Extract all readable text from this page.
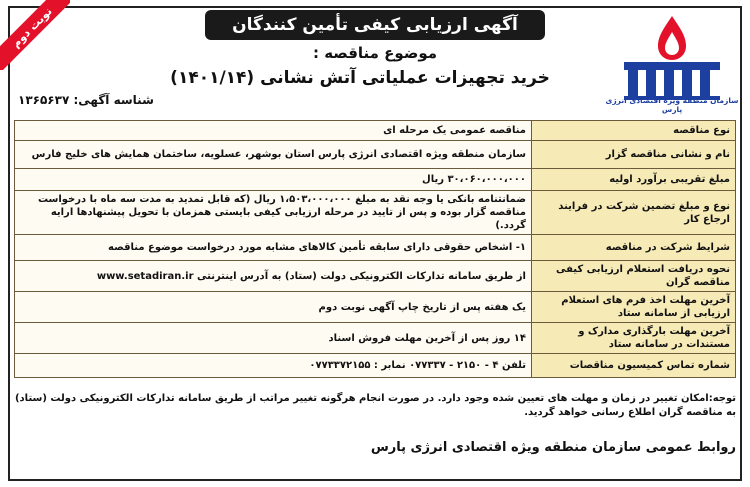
نوبت دوم	آگهی ارزیابی کیفی تأمین کنندگان
سازمان منطقه ویژه اقتصادی انرژی پارس
موضوع مناقصه :
خرید تجهیزات عملیاتی آتش نشانی (۱۴۰۱/۱۴)
شناسه آگهی: ۱۳۶۵۶۳۷
نوع مناقصه	مناقصه عمومی یک مرحله ای
نام و نشانی مناقصه گزار	سازمان منطقه ویژه اقتصادی انرژی پارس استان بوشهر، عسلویه، ساختمان همایش های خلیج فارس
مبلغ تقریبی برآورد اولیه	۳۰،۰۶۰،۰۰۰،۰۰۰ ریال
نوع و مبلغ تضمین شرکت در فرایند ارجاع کار	ضمانتنامه بانکی یا وجه نقد به مبلغ ۱،۵۰۳،۰۰۰،۰۰۰ ریال (که قابل تمدید به مدت سه ماه با درخواست مناقصه گزار بوده و پس از تایید در مرحله ارزیابی کیفی بایستی همزمان با تحویل پیشنهادها ارایه گردد.)
شرایط شرکت در مناقصه	۱- اشخاص حقوقی دارای سابقه تأمین کالاهای مشابه مورد درخواست موضوع مناقصه
نحوه دریافت استعلام ارزیابی کیفی مناقصه گران	از طریق سامانه تدارکات الکترونیکی دولت (ستاد) به آدرس اینترنتی www.setadiran.ir
آخرین مهلت اخذ فرم های استعلام ارزیابی از سامانه ستاد	یک هفته پس از تاریخ چاپ آگهی نوبت دوم
آخرین مهلت بارگذاری مدارک و مستندات در سامانه ستاد	۱۴ روز پس از آخرین مهلت فروش اسناد
شماره تماس کمیسیون مناقصات	تلفن ۴ - ۲۱۵۰ - ۰۷۷۳۳۷ نمابر : ۰۷۷۳۳۷۲۱۵۵
توجه:امکان تغییر در زمان و مهلت های تعیین شده وجود دارد. در صورت انجام هرگونه تغییر مراتب از طریق سامانه تدارکات الکترونیکی دولت (ستاد) به مناقصه گران اطلاع رسانی خواهد گردید.
روابط عمومی سازمان منطقه ویژه اقتصادی انرژی پارس
